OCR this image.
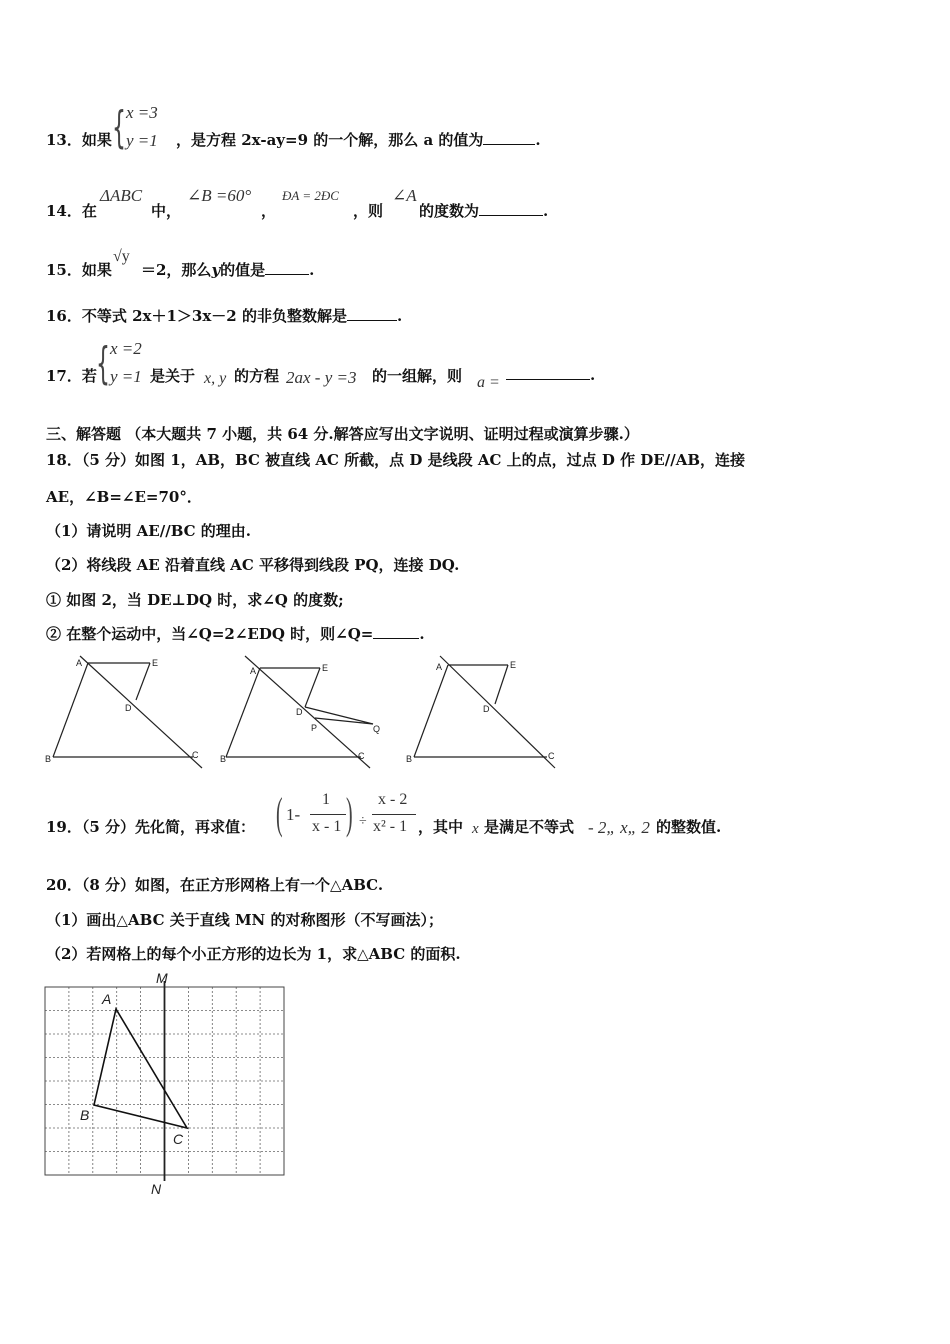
13．如果 { x =3
y =1 ，是方程 2x-ay=9 的一个解，那么 a 的值为	.
14．在
ΔABC
中，
∠B =60°
，
ÐA = 2ÐC
，则
∠A
的度数为	.
15．如果
√y
＝2，那么y的值是	.
16．不等式 2x＋1＞3x－2 的非负整数解是	.
17．若 { x =2
y =1 是关于 x, y 的方程 2ax - y =3 的一组解，则 a =	.
三、解答题 （本大题共 7 小题，共 64 分.解答应写出文字说明、证明过程或演算步骤.）
18．（5 分）如图 1，AB，BC 被直线 AC 所截，点 D 是线段 AC 上的点，过点 D 作 DE//AB，连接
AE，∠B=∠E=70°．
（1）请说明 AE//BC 的理由.
（2）将线段 AE 沿着直线 AC 平移得到线段 PQ，连接 DQ.
① 如图 2，当 DE⊥DQ 时，求∠Q 的度数;
② 在整个运动中，当∠Q=2∠EDQ 时，则∠Q=	.
A	E
D
B	C
A	E
D
P	Q
B	C
A	E
D
B	C
19．（5 分）先化简，再求值： ( 1-
1
x - 1 ) ÷
x - 2
x² - 1 ，其中 x 是满足不等式 - 2„ x„ 2 的整数值.
20．（8 分）如图，在正方形网格上有一个△ABC.
（1）画出△ABC 关于直线 MN 的对称图形（不写画法）；
（2）若网格上的每个小正方形的边长为 1，求△ABC 的面积.
M
N
A
B
C
